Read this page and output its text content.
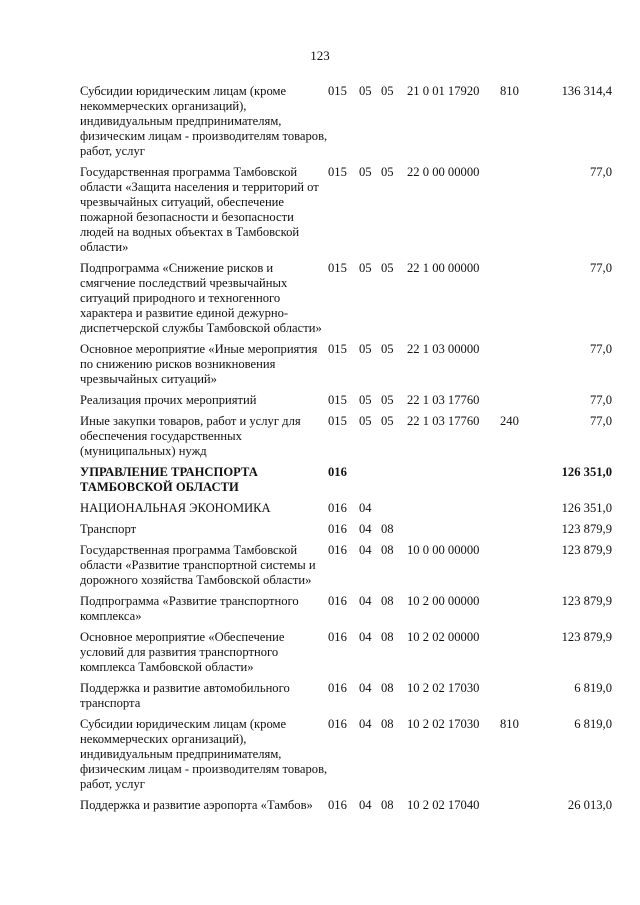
123
Субсидии юридическим лицам (кроме некоммерческих организаций), индивидуальным предпринимателям, физическим лицам - производителям товаров, работ, услуг	015	05	05	21 0 01 17920	810	136 314,4

Государственная программа Тамбовской области «Защита населения и территорий от чрезвычайных ситуаций, обеспечение пожарной безопасности и безопасности людей на водных объектах в Тамбовской области»	015	05	05	22 0 00 00000		77,0

Подпрограмма «Снижение рисков и смягчение последствий чрезвычайных ситуаций природного и техногенного характера и развитие единой дежурно-диспетчерской службы Тамбовской области»	015	05	05	22 1 00 00000		77,0

Основное мероприятие «Иные мероприятия по снижению рисков возникновения чрезвычайных ситуаций»	015	05	05	22 1 03 00000		77,0

Реализация прочих мероприятий	015	05	05	22 1 03 17760		77,0

Иные закупки товаров, работ и услуг для обеспечения государственных (муниципальных) нужд	015	05	05	22 1 03 17760	240	77,0

УПРАВЛЕНИЕ ТРАНСПОРТА ТАМБОВСКОЙ ОБЛАСТИ	016					126 351,0

НАЦИОНАЛЬНАЯ ЭКОНОМИКА	016	04				126 351,0

Транспорт	016	04	08			123 879,9

Государственная программа Тамбовской области «Развитие транспортной системы и дорожного хозяйства Тамбовской области»	016	04	08	10 0 00 00000		123 879,9

Подпрограмма «Развитие транспортного комплекса»	016	04	08	10 2 00 00000		123 879,9

Основное мероприятие «Обеспечение условий для развития транспортного комплекса Тамбовской области»	016	04	08	10 2 02 00000		123 879,9

Поддержка и развитие автомобильного транспорта	016	04	08	10 2 02 17030		6 819,0

Субсидии юридическим лицам (кроме некоммерческих организаций), индивидуальным предпринимателям, физическим лицам - производителям товаров, работ, услуг	016	04	08	10 2 02 17030	810	6 819,0

Поддержка и развитие аэропорта «Тамбов»	016	04	08	10 2 02 17040		26 013,0
